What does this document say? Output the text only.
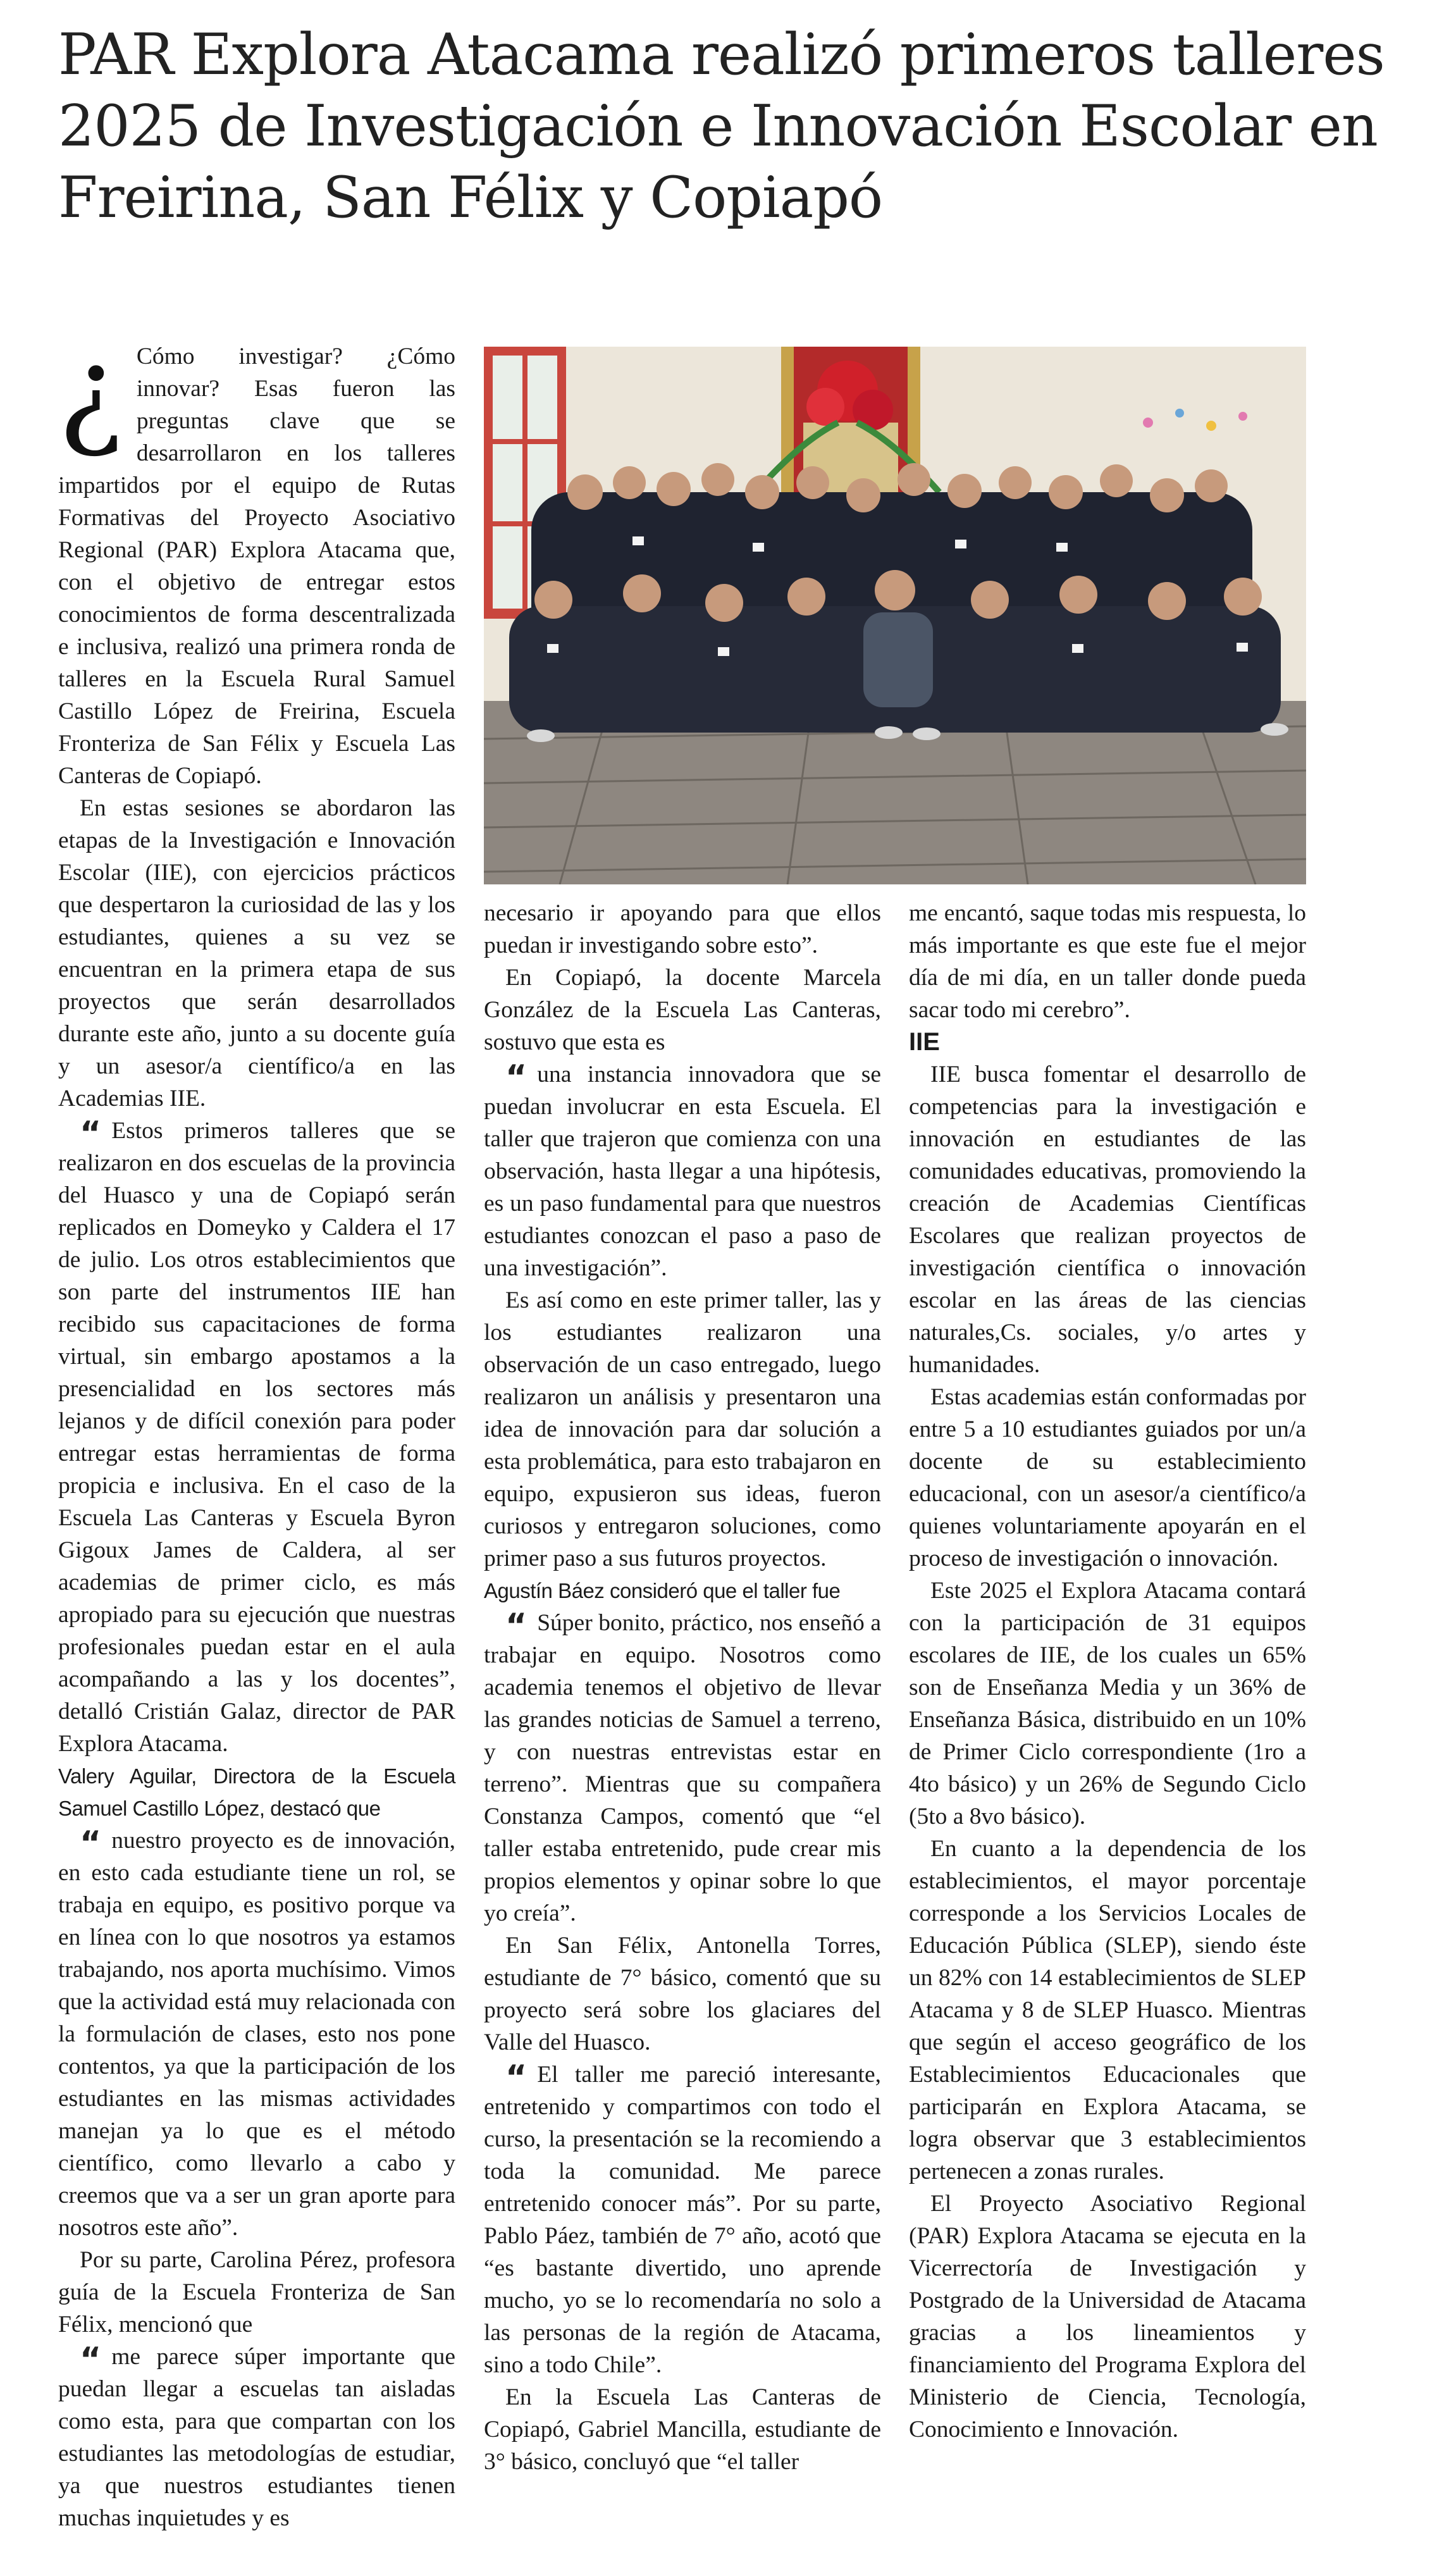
PAR Explora Atacama realizó primeros talleres 2025 de Investigación e Innovación Escolar en Freirina, San Félix y Copiapó

¿ Cómo investigar? ¿Cómo innovar? Esas fueron las preguntas clave que se desarrollaron en los talleres impartidos por el equipo de Rutas Formativas del Proyecto Asociativo Regional (PAR) Explora Atacama que, con el objetivo de entregar estos conocimientos de forma descentralizada e inclusiva, realizó una primera ronda de talleres en la Escuela Rural Samuel Castillo López de Freirina, Escuela Fronteriza de San Félix y Escuela Las Canteras de Copiapó.

En estas sesiones se abordaron las etapas de la Investigación e Innovación Escolar (IIE), con ejercicios prácticos que despertaron la curiosidad de las y los estudiantes, quienes a su vez se encuentran en la primera etapa de sus proyectos que serán desarrollados durante este año, junto a su docente guía y un asesor/a científico/a en las Academias IIE.

“ Estos primeros talleres que se realizaron en dos escuelas de la provincia del Huasco y una de Copiapó serán replicados en Domeyko y Caldera el 17 de julio. Los otros establecimientos que son parte del instrumentos IIE han recibido sus capacitaciones de forma virtual, sin embargo apostamos a la presencialidad en los sectores más lejanos y de difícil conexión para poder entregar estas herramientas de forma propicia e inclusiva. En el caso de la Escuela Las Canteras y Escuela Byron Gigoux James de Caldera, al ser academias de primer ciclo, es más apropiado para su ejecución que nuestras profesionales puedan estar en el aula acompañando a las y los docentes”, detalló Cristián Galaz, director de PAR Explora Atacama.

Valery Aguilar, Directora de la Escuela Samuel Castillo López, destacó que

“ nuestro proyecto es de innovación, en esto cada estudiante tiene un rol, se trabaja en equipo, es positivo porque va en línea con lo que nosotros ya estamos trabajando, nos aporta muchísimo. Vimos que la actividad está muy relacionada con la formulación de clases, esto nos pone contentos, ya que la participación de los estudiantes en las mismas actividades manejan ya lo que es el método científico, como llevarlo a cabo y creemos que va a ser un gran aporte para nosotros este año”.

Por su parte, Carolina Pérez, profesora guía de la Escuela Fronteriza de San Félix, mencionó que

“ me parece súper importante que puedan llegar a escuelas tan aisladas como esta, para que compartan con los estudiantes las metodologías de estudiar, ya que nuestros estudiantes tienen muchas inquietudes y es

necesario ir apoyando para que ellos puedan ir investigando sobre esto”.

En Copiapó, la docente Marcela González de la Escuela Las Canteras, sostuvo que esta es

“ una instancia innovadora que se puedan involucrar en esta Escuela. El taller que trajeron que comienza con una observación, hasta llegar a una hipótesis, es un paso fundamental para que nuestros estudiantes conozcan el paso a paso de una investigación”.

Es así como en este primer taller, las y los estudiantes realizaron una observación de un caso entregado, luego realizaron un análisis y presentaron una idea de innovación para dar solución a esta problemática, para esto trabajaron en equipo, expusieron sus ideas, fueron curiosos y entregaron soluciones, como primer paso a sus futuros proyectos.

Agustín Báez consideró que el taller fue

“ Súper bonito, práctico, nos enseñó a trabajar en equipo. Nosotros como academia tenemos el objetivo de llevar las grandes noticias de Samuel a terreno, y con nuestras entrevistas estar en terreno”. Mientras que su compañera Constanza Campos, comentó que “el taller estaba entretenido, pude crear mis propios elementos y opinar sobre lo que yo creía”.

En San Félix, Antonella Torres, estudiante de 7° básico, comentó que su proyecto será sobre los glaciares del Valle del Huasco.

“ El taller me pareció interesante, entretenido y compartimos con todo el curso, la presentación se la recomiendo a toda la comunidad. Me parece entretenido conocer más”. Por su parte, Pablo Páez, también de 7° año, acotó que “es bastante divertido, uno aprende mucho, yo se lo recomendaría no solo a las personas de la región de Atacama, sino a todo Chile”.

En la Escuela Las Canteras de Copiapó, Gabriel Mancilla, estudiante de 3° básico, concluyó que “el taller

me encantó, saque todas mis respuesta, lo más importante es que este fue el mejor día de mi día, en un taller donde pueda sacar todo mi cerebro”.

IIE

IIE busca fomentar el desarrollo de competencias para la investigación e innovación en estudiantes de las comunidades educativas, promoviendo la creación de Academias Científicas Escolares que realizan proyectos de investigación científica o innovación escolar en las áreas de las ciencias naturales,Cs. sociales, y/o artes y humanidades.

Estas academias están conformadas por entre 5 a 10 estudiantes guiados por un/a docente de su establecimiento educacional, con un asesor/a científico/a quienes voluntariamente apoyarán en el proceso de investigación o innovación.

Este 2025 el Explora Atacama contará con la participación de 31 equipos escolares de IIE, de los cuales un 65% son de Enseñanza Media y un 36% de Enseñanza Básica, distribuido en un 10% de Primer Ciclo correspondiente (1ro a 4to básico) y un 26% de Segundo Ciclo (5to a 8vo básico).

En cuanto a la dependencia de los establecimientos, el mayor porcentaje corresponde a los Servicios Locales de Educación Pública (SLEP), siendo éste un 82% con 14 establecimientos de SLEP Atacama y 8 de SLEP Huasco. Mientras que según el acceso geográfico de los Establecimientos Educacionales que participarán en Explora Atacama, se logra observar que 3 establecimientos pertenecen a zonas rurales.

El Proyecto Asociativo Regional (PAR) Explora Atacama se ejecuta en la Vicerrectoría de Investigación y Postgrado de la Universidad de Atacama gracias a los lineamientos y financiamiento del Programa Explora del Ministerio de Ciencia, Tecnología, Conocimiento e Innovación.
